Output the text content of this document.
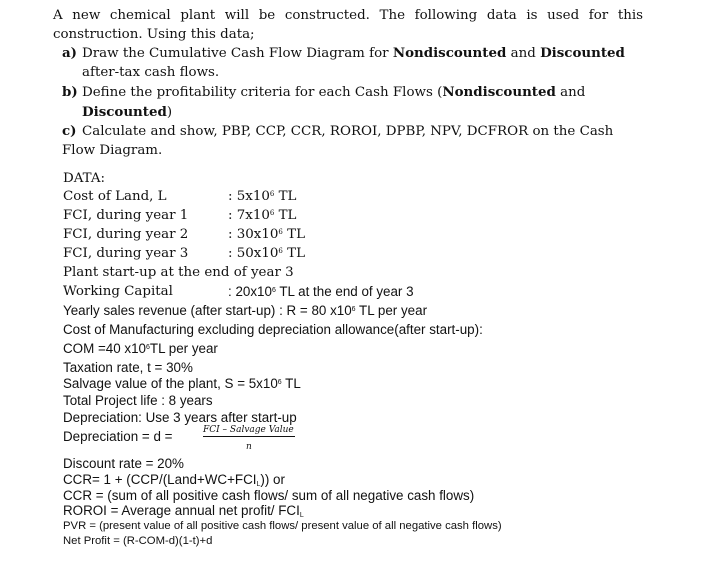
A new chemical plant will be constructed. The following data is used for this construction. Using this data;
a) Draw the Cumulative Cash Flow Diagram for Nondiscounted and Discounted
after-tax cash flows.
b) Define the profitability criteria for each Cash Flows (Nondiscounted and
Discounted)
c) Calculate and show, PBP, CCP, CCR, ROROI, DPBP, NPV, DCFROR on the Cash Flow Diagram.
DATA:
Cost of Land, L	: $5x10^6$ TL
FCI, during year 1	: $7x10^6$ TL
FCI, during year 2	: $30x10^6$ TL
FCI, during year 3	: $50x10^6$ TL
Plant start-up at the end of year 3
Working Capital	: $20x10^6$ TL at the end of year 3
Yearly sales revenue (after start-up) : R = 80 $x10^6$ TL per year
Cost of Manufacturing excluding depreciation allowance(after start-up):
COM =40 $x10^6TL$ per year
Taxation rate, t = 30%
Salvage value of the plant, $S = 5x10^6$ TL
Total Project life : 8 years
Depreciation: Use 3 years after start-up
Depreciation = d =	FCI – Salvage Value
n
Discount rate = 20%
$CCR= 1 + (CCP/(Land+WC+FCI_L))$ or
CCR = (sum of all positive cash flows/ sum of all negative cash flows)
ROROI = Average annual net profit/ $FCI_L$
PVR = (present value of all positive cash flows/ present value of all negative cash flows)
Net Profit = (R-COM-d)(1-t)+d
